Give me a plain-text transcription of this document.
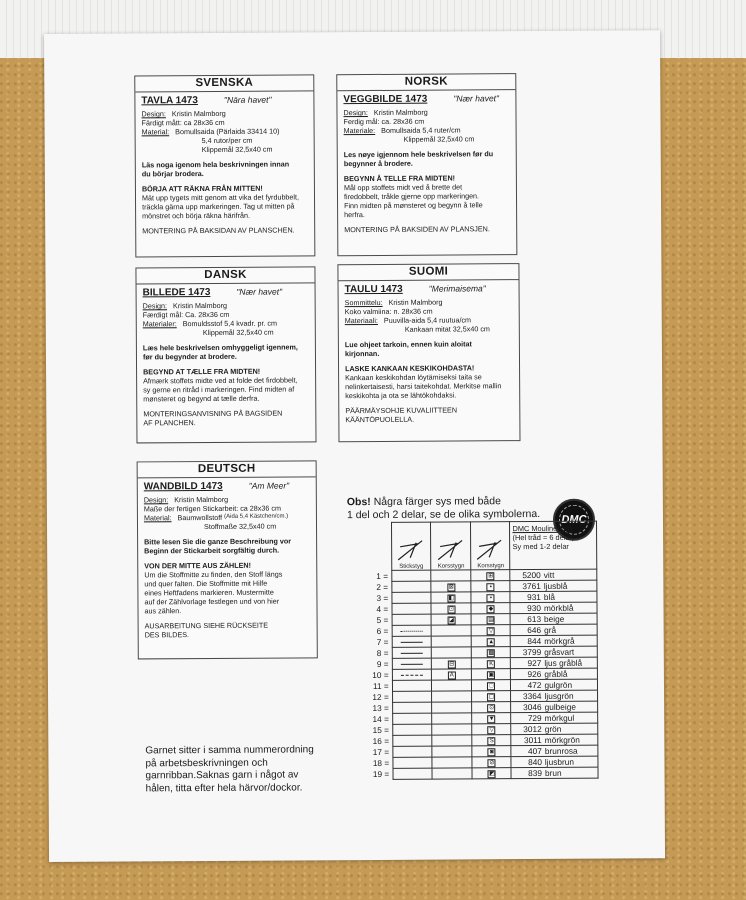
SVENSKA
TAVLA 1473	"Nära havet"
Design: Kristin Malmborg
Färdigt mått: ca 28x36 cm
Material: Bomullsaida (Pärlaida 33414 10)
5,4 rutor/per cm
Klippemål 32,5x40 cm
Läs noga igenom hela beskrivningen innan
du börjar brodera.
BÖRJA ATT RÄKNA FRÅN MITTEN!
Mät upp tygets mitt genom att vika det fyrdubbelt,
träckla gärna upp markeringen. Tag ut mitten på
mönstret och börja räkna härifrån.
MONTERING PÅ BAKSIDAN AV PLANSCHEN.
NORSK
VEGGBILDE 1473	"Nær havet"
Design: Kristin Malmborg
Ferdig mål: ca. 28x36 cm
Materiale: Bomullsaida 5,4 ruter/cm
Klippemål 32,5x40 cm
Les nøye igjennom hele beskrivelsen før du
begynner å brodere.
BEGYNN Å TELLE FRA MIDTEN!
Mål opp stoffets midt ved å brette det
firedobbelt, tråkle gjerne opp markeringen.
Finn midten på mønsteret og begynn å telle
herfra.
MONTERING PÅ BAKSIDEN AV PLANSJEN.
DANSK
BILLEDE 1473	"Nær havet"
Design: Kristin Malmborg
Færdigt mål: Ca. 28x36 cm
Materialer: Bomuldsstof 5,4 kvadr. pr. cm
Klippemål 32,5x40 cm
Læs hele beskrivelsen omhyggeligt igennem,
før du begynder at brodere.
BEGYND AT TÆLLE FRA MIDTEN!
Afmærk stoffets midte ved at folde det firdobbelt,
sy gerne en ritråd i markeringen. Find midten af
mønsteret og begynd at tælle derfra.
MONTERINGSANVISNING PÅ BAGSIDEN
AF PLANCHEN.
SUOMI
TAULU 1473	"Merimaisema"
Sommittelu: Kristin Malmborg
Koko valmiina: n. 28x36 cm
Materiaali: Puuvilla-aida 5,4 ruutua/cm
Kankaan mitat 32,5x40 cm
Lue ohjeet tarkoin, ennen kuin aloitat
kirjonnan.
LASKE KANKAAN KESKIKOHDASTA!
Kankaan keskikohdan löytämiseksi taita se
nelinkertaisesti, harsi taitekohdat. Merkitse mallin
keskikohta ja ota se lähtökohdaksi.
PÄÄRMÄYSOHJE KUVALIITTEEN
KÄÄNTÖPUOLELLA.
DEUTSCH
WANDBILD 1473	"Am Meer"
Design: Kristin Malmborg
Maße der fertigen Stickarbeit: ca 28x36 cm
Material: Baumwollstoff
(Aida 5,4 Kästchen/cm.)
Stoffmaße 32,5x40 cm
Bitte lesen Sie die ganze Beschreibung vor
Beginn der Stickarbeit sorgfältig durch.
VON DER MITTE AUS ZÄHLEN!
Um die Stoffmitte zu finden, den Stoff längs
und quer falten. Die Stoffmitte mit Hilfe
eines Heftfadens markieren. Mustermitte
auf der Zählvorlage festlegen und von hier
aus zählen.
AUSARBEITUNG SIEHE RÜCKSEITE
DES BILDES.
Garnet sitter i samma nummerordning på arbetsbeskrivningen och garnribban.Saknas garn i något av hålen, titta efter hela härvor/dockor.
Obs! Några färger sys med både
1 del och 2 delar, se de olika symbolerna.	DMC

Stickstyg	Korsstygn	Korsstygn	DMC Moulinégarn
(Hel tråd = 6 delar)
Sy med 1-2 delar

1 =			⊞	5200 vitt
2 =		⊠	▪	3761 ljusblå
3 =		◧	▪	931 blå
4 =		⊡	◆	930 mörkblå
5 =		◪	▤	613 beige
6 =			▽	646 grå
7 =			▲	844 mörkgrå
8 =			▩	3799 gråsvart
9 =		⊟	K	927 ljus gråblå
10 =		A	▣	926 gråblå
11 =			□	472 gulgrön
12 =			▢	3364 ljusgrön
13 =			⊙	3046 gulbeige
14 =			▼	729 mörkgul
15 =			▽	3012 grön
16 =			S	3011 mörkgrön
17 =			◙	407 brunrosa
18 =			⊘	840 ljusbrun
19 =			◩	839 brun
